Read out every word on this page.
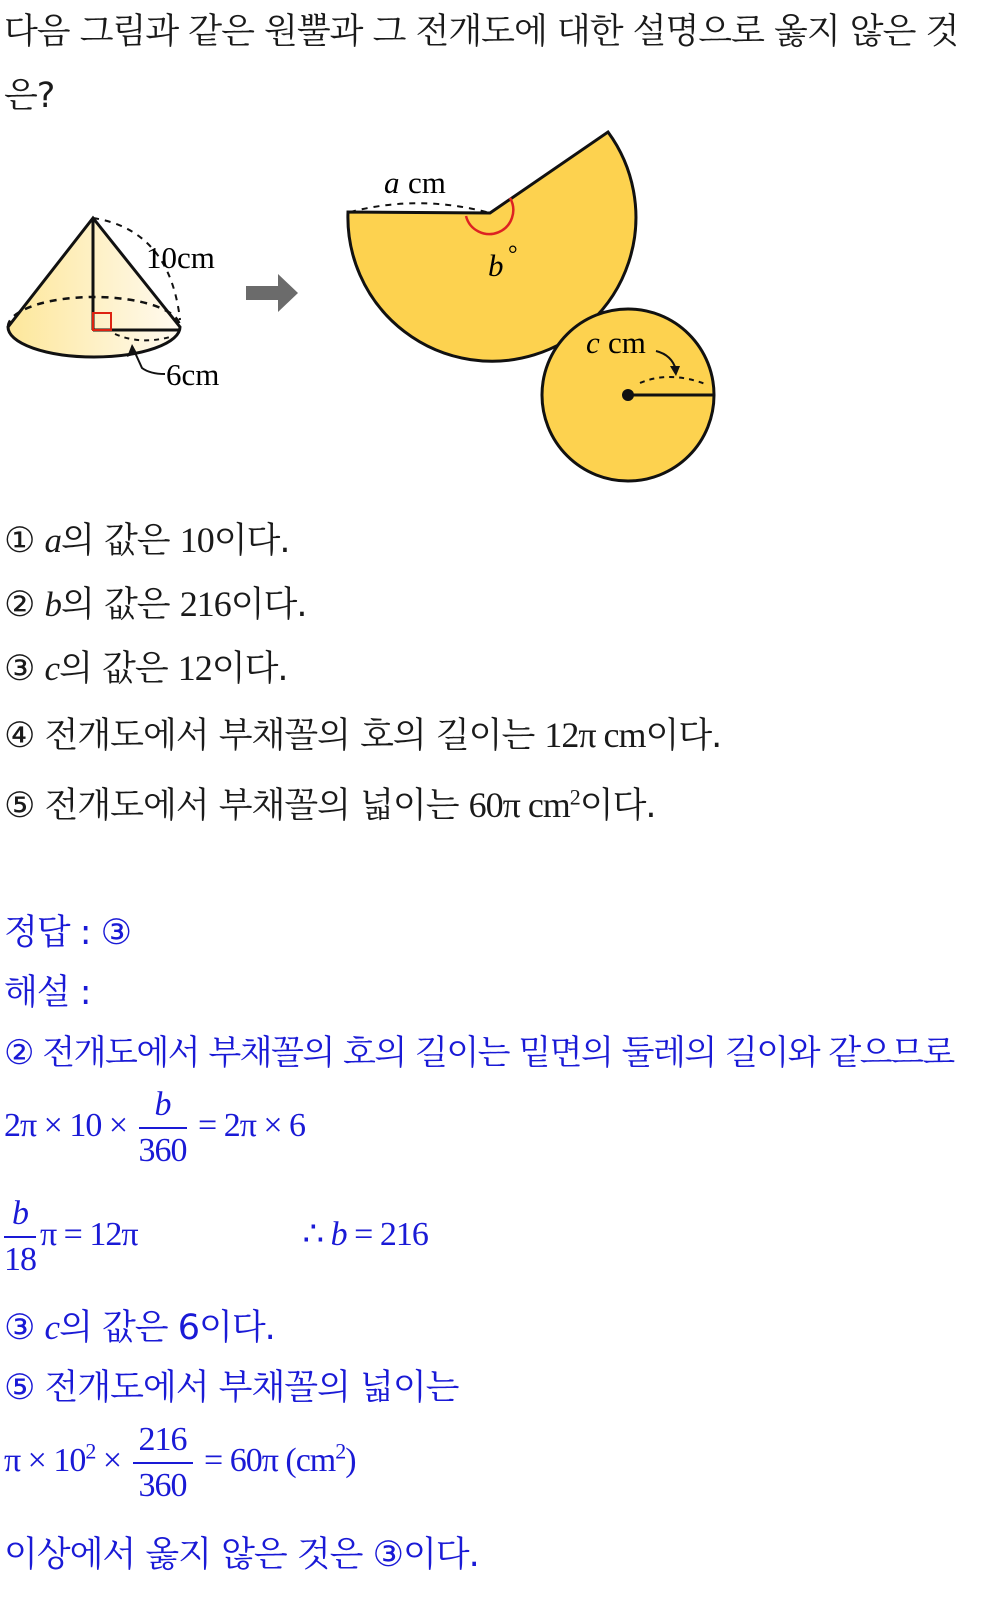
다음 그림과 같은 원뿔과 그 전개도에 대한 설명으로 옳지 않은 것은?
10cm
6cm
a cm
b °
c cm
① a의 값은 10이다.
② b의 값은 216이다.
③ c의 값은 12이다.
④ 전개도에서 부채꼴의 호의 길이는 12π cm이다.
⑤ 전개도에서 부채꼴의 넓이는 60π $cm^2$이다.
정답 : ③
해설 :
② 전개도에서 부채꼴의 호의 길이는 밑면의 둘레의 길이와 같으므로
$2\pi \times 10 \times \frac{b}{360} = 2\pi \times 6$
$\frac{b}{18}$ π = 12π	∴ b = 216
③ c의 값은 6이다.
⑤ 전개도에서 부채꼴의 넓이는
$\pi \times 10^2 \times \frac{216}{360} = 60\pi$ $(cm^2)$
이상에서 옳지 않은 것은 ③이다.
